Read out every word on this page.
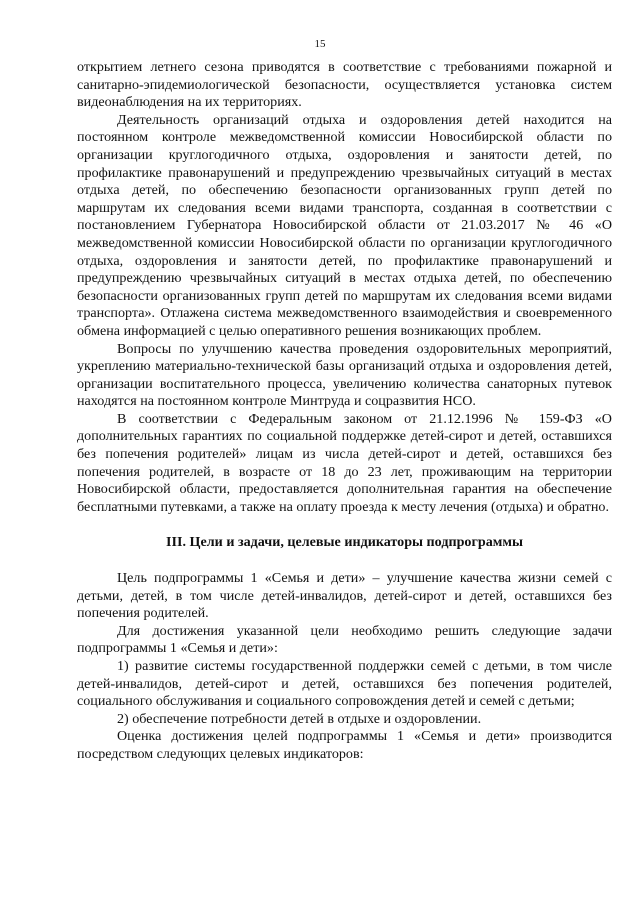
15

открытием летнего сезона приводятся в соответствие с требованиями пожарной и санитарно-эпидемиологической безопасности, осуществляется установка систем видеонаблюдения на их территориях.

Деятельность организаций отдыха и оздоровления детей находится на постоянном контроле межведомственной комиссии Новосибирской области по организации круглогодичного отдыха, оздоровления и занятости детей, по профилактике правонарушений и предупреждению чрезвычайных ситуаций в местах отдыха детей, по обеспечению безопасности организованных групп детей по маршрутам их следования всеми видами транспорта, созданная в соответствии с постановлением Губернатора Новосибирской области от 21.03.2017 № 46 «О межведомственной комиссии Новосибирской области по организации круглогодичного отдыха, оздоровления и занятости детей, по профилактике правонарушений и предупреждению чрезвычайных ситуаций в местах отдыха детей, по обеспечению безопасности организованных групп детей по маршрутам их следования всеми видами транспорта». Отлажена система межведомственного взаимодействия и своевременного обмена информацией с целью оперативного решения возникающих проблем.

Вопросы по улучшению качества проведения оздоровительных мероприятий, укреплению материально-технической базы организаций отдыха и оздоровления детей, организации воспитательного процесса, увеличению количества санаторных путевок находятся на постоянном контроле Минтруда и соцразвития НСО.

В соответствии с Федеральным законом от 21.12.1996 № 159-ФЗ «О дополнительных гарантиях по социальной поддержке детей-сирот и детей, оставшихся без попечения родителей» лицам из числа детей-сирот и детей, оставшихся без попечения родителей, в возрасте от 18 до 23 лет, проживающим на территории Новосибирской области, предоставляется дополнительная гарантия на обеспечение бесплатными путевками, а также на оплату проезда к месту лечения (отдыха) и обратно.

III. Цели и задачи, целевые индикаторы подпрограммы

Цель подпрограммы 1 «Семья и дети» – улучшение качества жизни семей с детьми, детей, в том числе детей-инвалидов, детей-сирот и детей, оставшихся без попечения родителей.

Для достижения указанной цели необходимо решить следующие задачи подпрограммы 1 «Семья и дети»:

1) развитие системы государственной поддержки семей с детьми, в том числе детей-инвалидов, детей-сирот и детей, оставшихся без попечения родителей, социального обслуживания и социального сопровождения детей и семей с детьми;

2) обеспечение потребности детей в отдыхе и оздоровлении.

Оценка достижения целей подпрограммы 1 «Семья и дети» производится посредством следующих целевых индикаторов:
